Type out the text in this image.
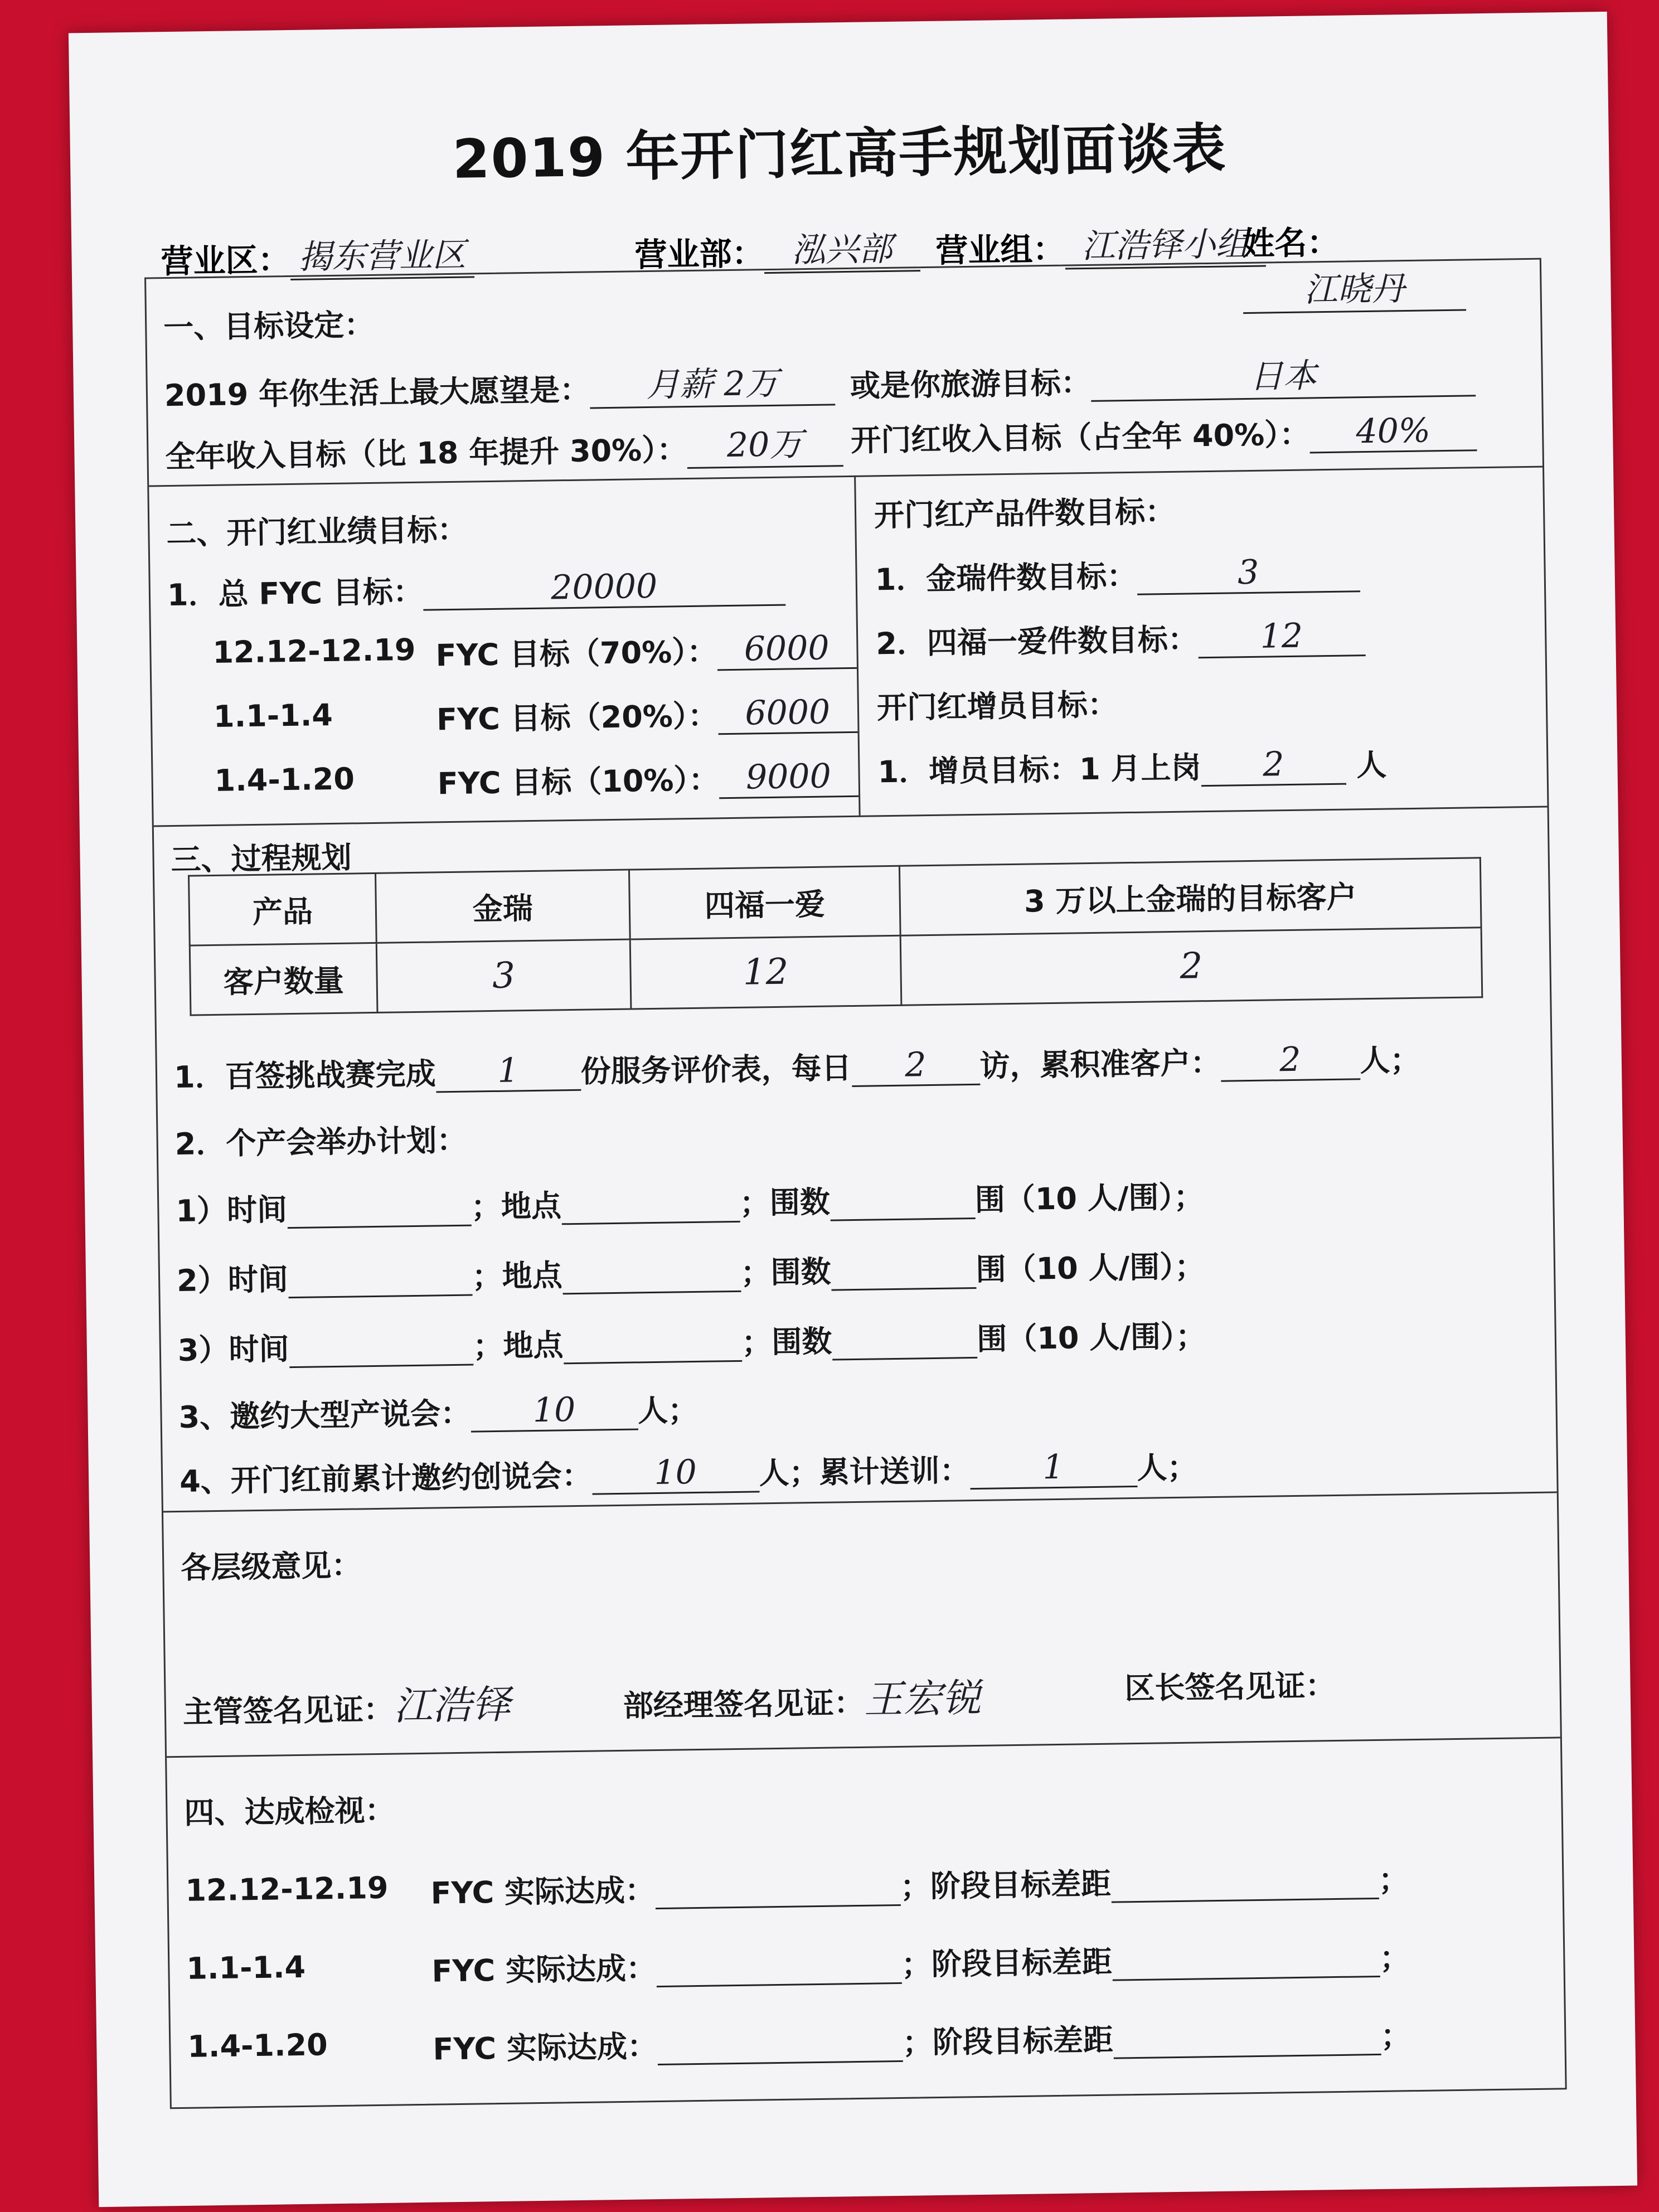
2019 年开门红高手规划面谈表
营业区： 揭东营业区	营业部： 泓兴部	营业组： 江浩铎小组
姓名：江晓丹
一、目标设定：
2019 年你生活上最大愿望是： 月薪 2万	或是你旅游目标：	日本
全年收入目标（比 18 年提升 30%）： 20万	开门红收入目标（占全年 40%）： 40%
二、开门红业绩目标：
1．总 FYC 目标：	20000
12.12-12.19 FYC 目标（70%）： 6000
1.1-1.4	FYC 目标（20%）： 6000
1.4-1.20	FYC 目标（10%）： 9000
开门红产品件数目标：
1．金瑞件数目标：	3
2．四福一爱件数目标： 12
开门红增员目标：
1．增员目标：1 月上岗 2 人
三、过程规划
产品	金瑞	四福一爱	3 万以上金瑞的目标客户
客户数量	3	12	2
1．百签挑战赛完成 1 份服务评价表，每日 2 访，累积准客户： 2 人；
2．个产会举办计划：
1）时间	；地点	；围数	围（10 人/围）；
2）时间	；地点	；围数	围（10 人/围）；
3）时间	；地点	；围数	围（10 人/围）；
3、邀约大型产说会： 10 人；
4、开门红前累计邀约创说会： 10 人；累计送训： 1 人；
各层级意见：
主管签名见证：江浩铎	部经理签名见证：王宏锐	区长签名见证：
四、达成检视：
12.12-12.19 FYC 实际达成：	；阶段目标差距	；
1.1-1.4	FYC 实际达成：	；阶段目标差距	；
1.4-1.20	FYC 实际达成：	；阶段目标差距	；
